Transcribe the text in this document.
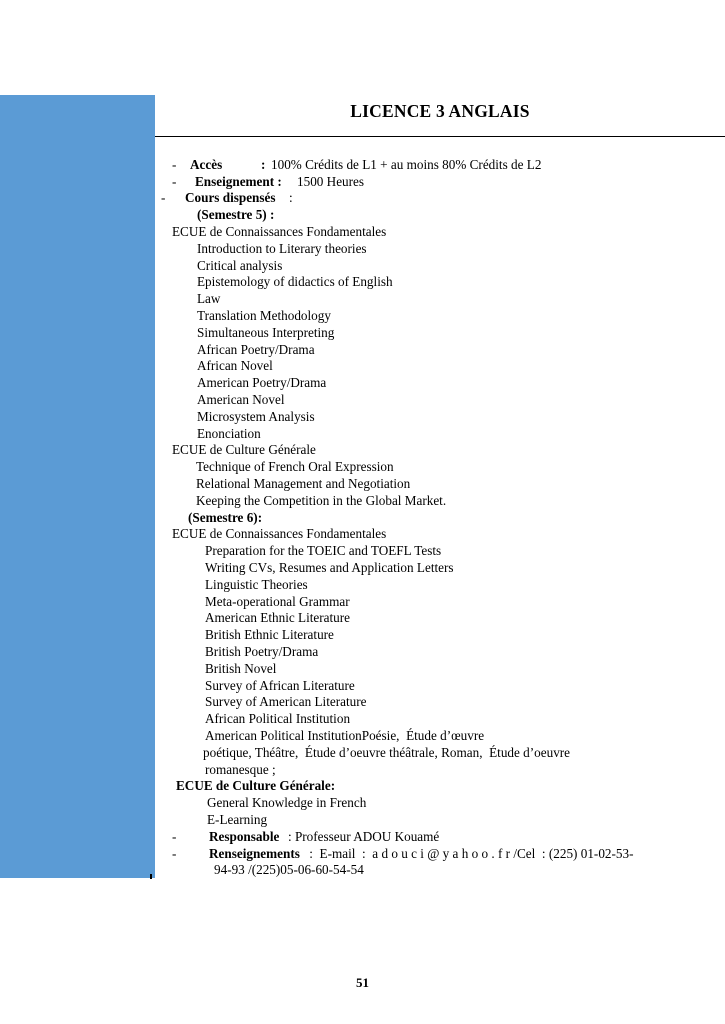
LICENCE 3 ANGLAIS
- Accès	: 100% Crédits de L1 + au moins 80% Crédits de L2
- Enseignement : 1500 Heures
- Cours dispensés :
(Semestre 5) :
ECUE de Connaissances Fondamentales
Introduction to Literary theories
Critical analysis
Epistemology of didactics of English
Law
Translation Methodology
Simultaneous Interpreting
African Poetry/Drama
African Novel
American Poetry/Drama
American Novel
Microsystem Analysis
Enonciation
ECUE de Culture Générale
Technique of French Oral Expression
Relational Management and Negotiation
Keeping the Competition in the Global Market.
(Semestre 6):
ECUE de Connaissances Fondamentales
Preparation for the TOEIC and TOEFL Tests
Writing CVs, Resumes and Application Letters
Linguistic Theories
Meta-operational Grammar
American Ethnic Literature
British Ethnic Literature
British Poetry/Drama
British Novel
Survey of African Literature
Survey of American Literature
African Political Institution
American Political InstitutionPoésie,  Étude d’œuvre
poétique, Théâtre,  Étude d’oeuvre théâtrale, Roman,  Étude d’oeuvre
romanesque ;
ECUE de Culture Générale:
General Knowledge in French
E-Learning
- Responsable : Professeur ADOU Kouamé
- Renseignements :  E-mail  :  a d o u c i @ y a h o o . f r /Cel  : (225) 01-02-53-
94-93 /(225)05-06-60-54-54
51
